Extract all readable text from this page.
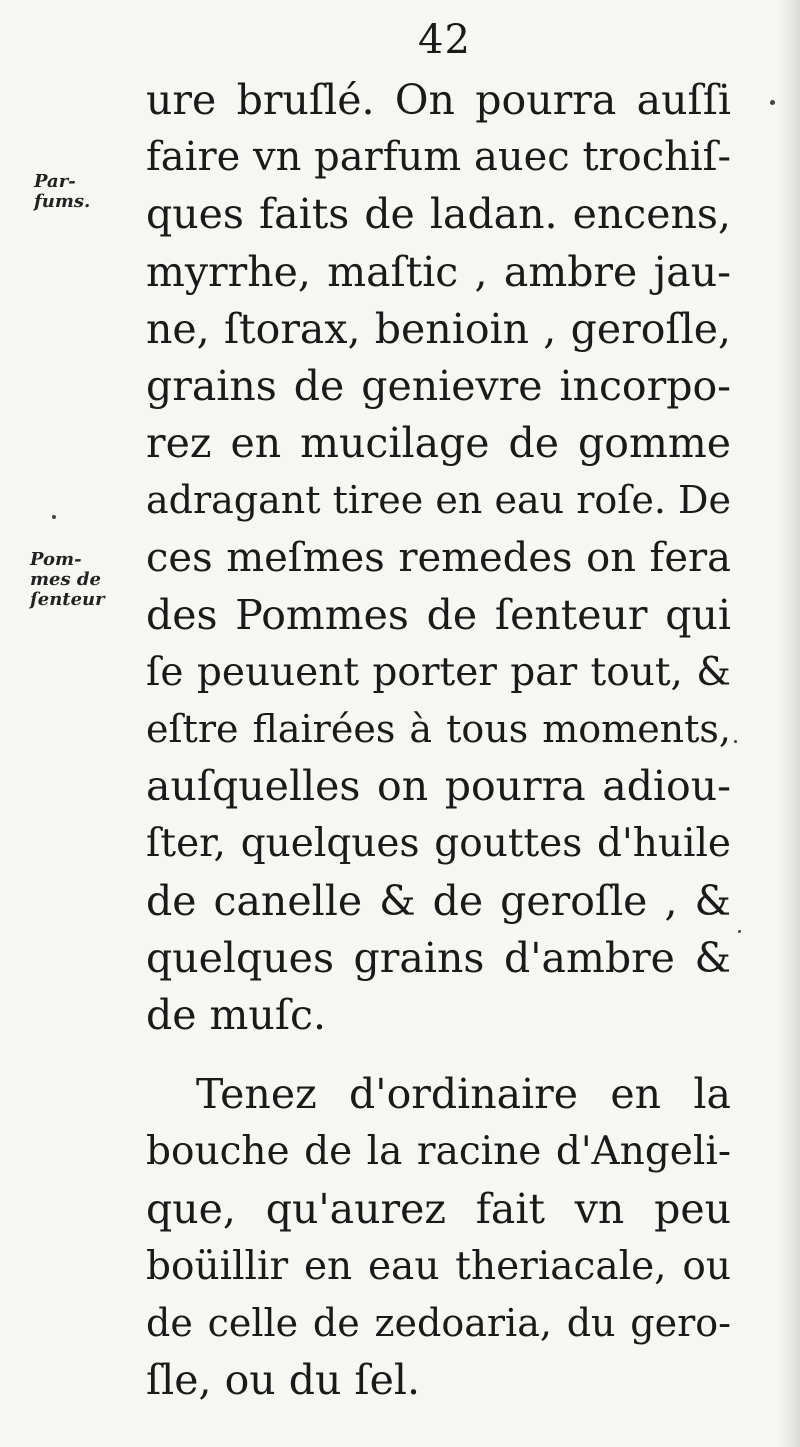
42
Par-
fums.
Pom-
mes de
ſenteur
ure bruſlé. On pourra auſſi
faire vn parfum auec trochiſ-
ques faits de ladan. encens,
myrrhe, maſtic , ambre jau-
ne, ſtorax, benioin , geroſle,
grains de genievre incorpo-
rez en mucilage de gomme
adragant tiree en eau roſe. De
ces meſmes remedes on fera
des Pommes de ſenteur qui
ſe peuuent porter par tout, &
eſtre flairées à tous moments,
auſquelles on pourra adiou-
ſter, quelques gouttes d'huile
de canelle & de geroſle , &
quelques grains d'ambre &
de muſc.
Tenez d'ordinaire en la
bouche de la racine d'Angeli-
que, qu'aurez fait vn peu
boüillir en eau theriacale, ou
de celle de zedoaria, du gero-
ſle, ou du ſel.
